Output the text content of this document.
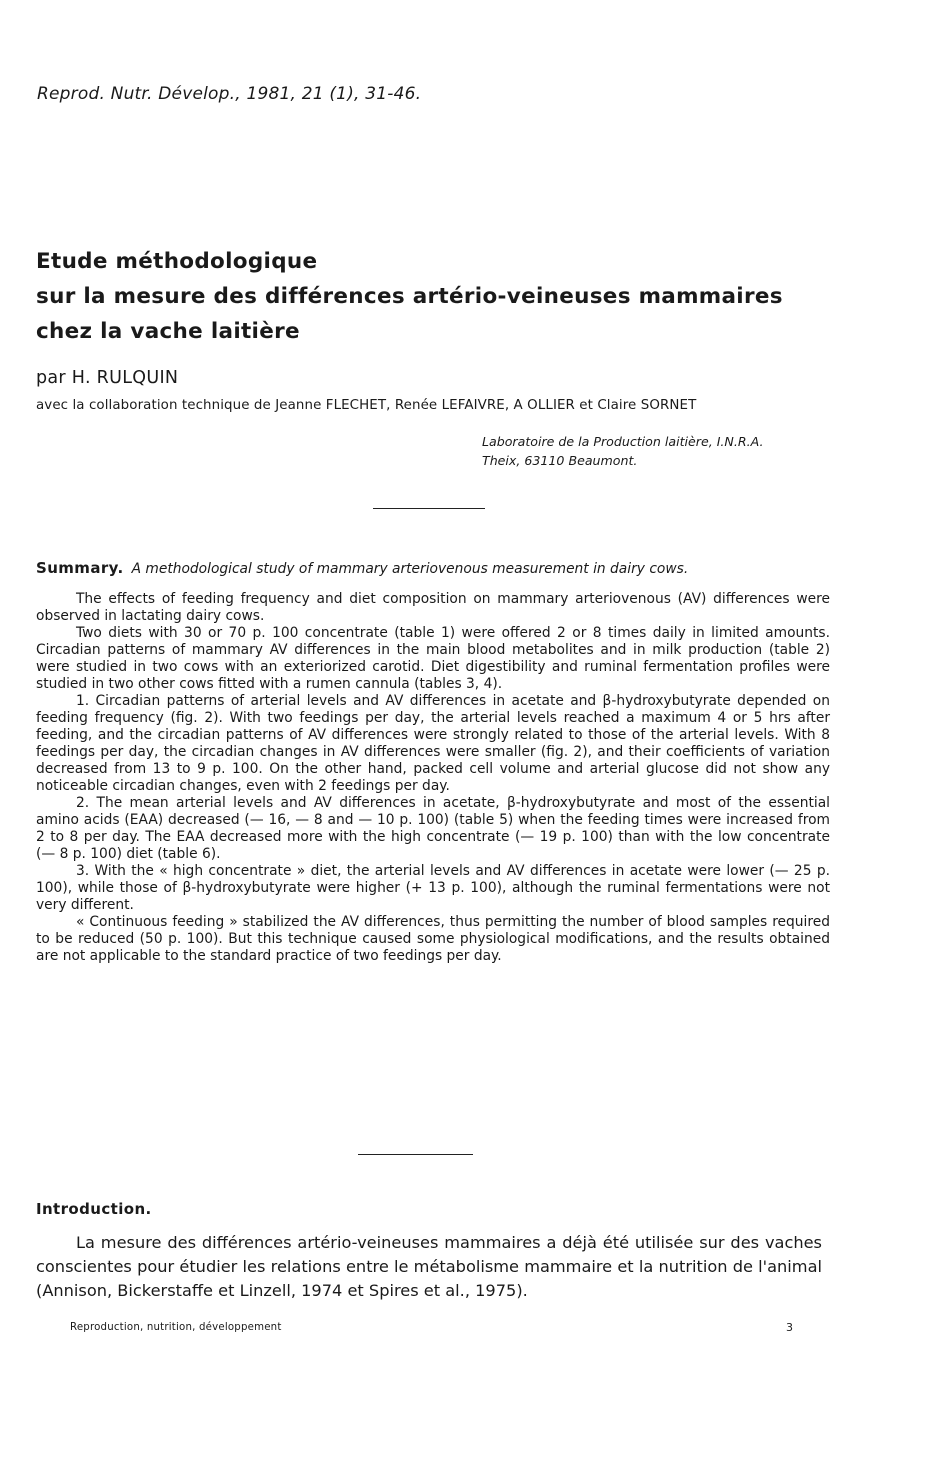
Reprod. Nutr. Dévelop., 1981, 21 (1), 31-46.
Etude méthodologique
sur la mesure des différences artério-veineuses mammaires
chez la vache laitière
par H. RULQUIN
avec la collaboration technique de Jeanne FLECHET, Renée LEFAIVRE, A OLLIER et Claire SORNET
Laboratoire de la Production laitière, I.N.R.A.
Theix, 63110 Beaumont.
Summary. A methodological study of mammary arteriovenous measurement in dairy cows.

The effects of feeding frequency and diet composition on mammary arteriovenous (AV) differences were observed in lactating dairy cows.

Two diets with 30 or 70 p. 100 concentrate (table 1) were offered 2 or 8 times daily in limited amounts. Circadian patterns of mammary AV differences in the main blood metabolites and in milk production (table 2) were studied in two cows with an exteriorized carotid. Diet digestibility and ruminal fermentation profiles were studied in two other cows fitted with a rumen cannula (tables 3, 4).

1. Circadian patterns of arterial levels and AV differences in acetate and β-hydroxybutyrate depended on feeding frequency (fig. 2). With two feedings per day, the arterial levels reached a maximum 4 or 5 hrs after feeding, and the circadian patterns of AV differences were strongly related to those of the arterial levels. With 8 feedings per day, the circadian changes in AV differences were smaller (fig. 2), and their coefficients of variation decreased from 13 to 9 p. 100. On the other hand, packed cell volume and arterial glucose did not show any noticeable circadian changes, even with 2 feedings per day.

2. The mean arterial levels and AV differences in acetate, β-hydroxybutyrate and most of the essential amino acids (EAA) decreased (— 16, — 8 and — 10 p. 100) (table 5) when the feeding times were increased from 2 to 8 per day. The EAA decreased more with the high concentrate (— 19 p. 100) than with the low concentrate (— 8 p. 100) diet (table 6).

3. With the « high concentrate » diet, the arterial levels and AV differences in acetate were lower (— 25 p. 100), while those of β-hydroxybutyrate were higher (+ 13 p. 100), although the ruminal fermentations were not very different.

« Continuous feeding » stabilized the AV differences, thus permitting the number of blood samples required to be reduced (50 p. 100). But this technique caused some physiological modifications, and the results obtained are not applicable to the standard practice of two feedings per day.

Introduction.

La mesure des différences artério-veineuses mammaires a déjà été utilisée sur des vaches conscientes pour étudier les relations entre le métabolisme mammaire et la nutrition de l'animal (Annison, Bickerstaffe et Linzell, 1974 et Spires et al., 1975).

Reproduction, nutrition, développement	3
